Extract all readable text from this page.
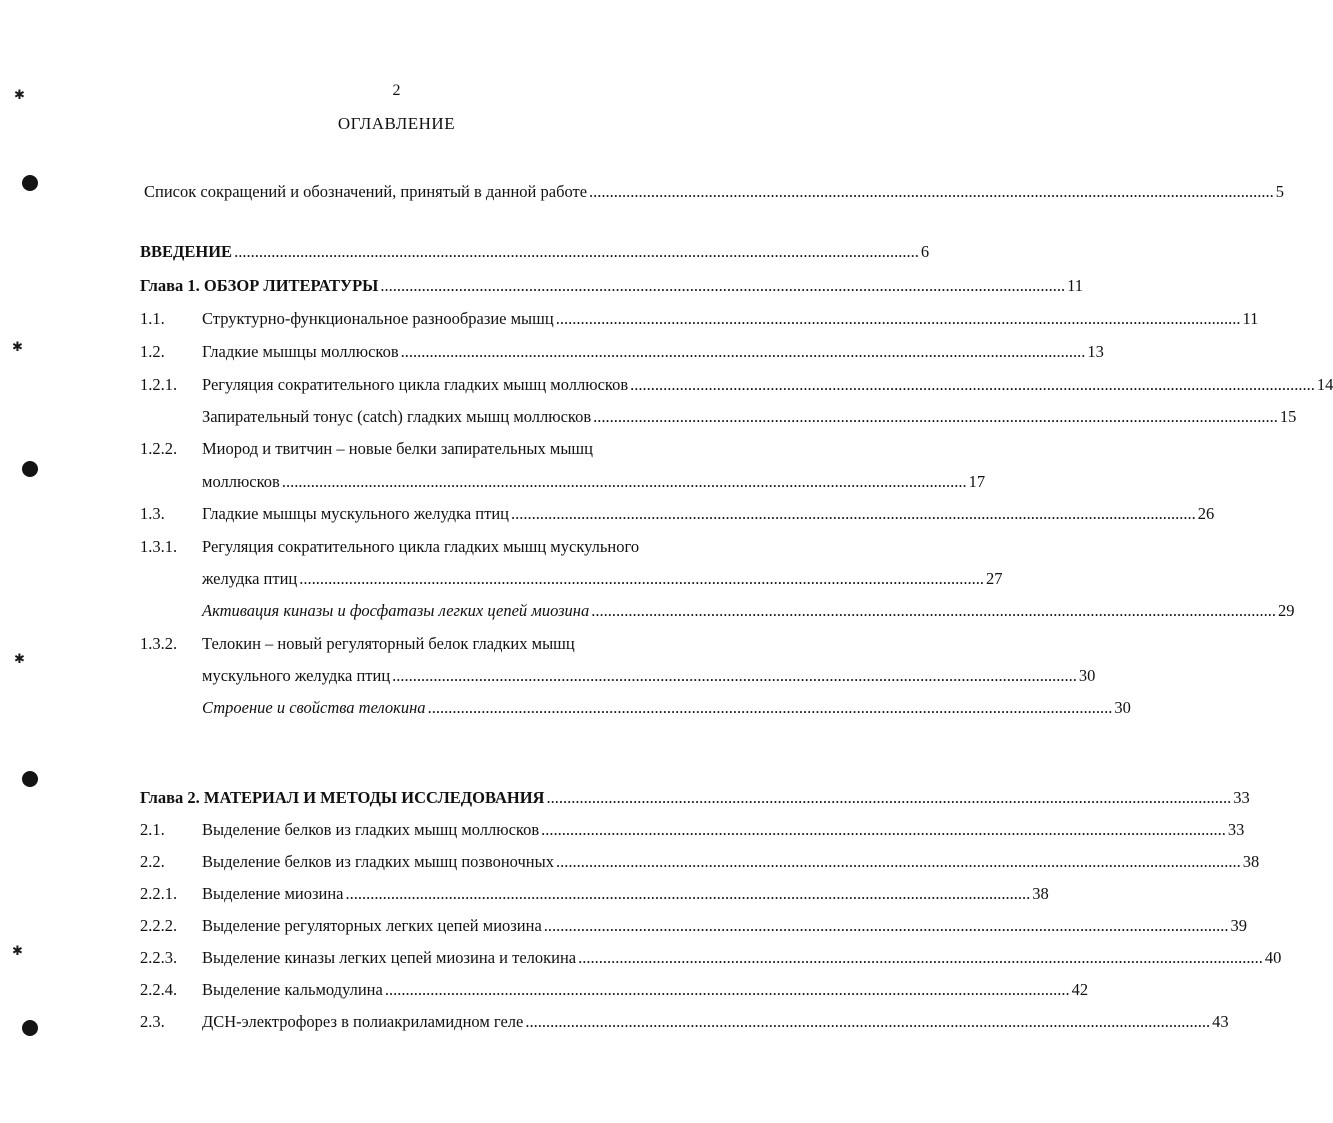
✱
✱
✱
✱
2
ОГЛАВЛЕНИЕ
Список сокращений и обозначений, принятый в данной работе .....	5
ВВЕДЕНИЕ .....	6
Глава 1. ОБЗОР ЛИТЕРАТУРЫ .....	11
1.1.	Структурно-функциональное разнообразие мышц .....	11
1.2.	Гладкие мышцы моллюсков .....	13
1.2.1.	Регуляция сократительного цикла гладких мышц моллюсков .....	14
Запирательный тонус (catch) гладких мышц моллюсков .....	15
1.2.2.	Миород и твитчин – новые белки запирательных мышц
моллюсков .....	17
1.3.	Гладкие мышцы мускульного желудка птиц .....	26
1.3.1.	Регуляция сократительного цикла гладких мышц мускульного
желудка птиц .....	27
Активация киназы и фосфатазы легких цепей миозина .....	29
1.3.2.	Телокин – новый регуляторный белок гладких мышц
мускульного желудка птиц .....	30
Строение и свойства телокина .....	30
Глава 2. МАТЕРИАЛ И МЕТОДЫ ИССЛЕДОВАНИЯ .....	33
2.1.	Выделение белков из гладких мышц моллюсков .....	33
2.2.	Выделение белков из гладких мышц позвоночных .....	38
2.2.1.	Выделение миозина .....	38
2.2.2.	Выделение регуляторных легких цепей миозина .....	39
2.2.3.	Выделение киназы легких цепей миозина и телокина .....	40
2.2.4.	Выделение кальмодулина .....	42
2.3.	ДСН-электрофорез в полиакриламидном геле .....	43
